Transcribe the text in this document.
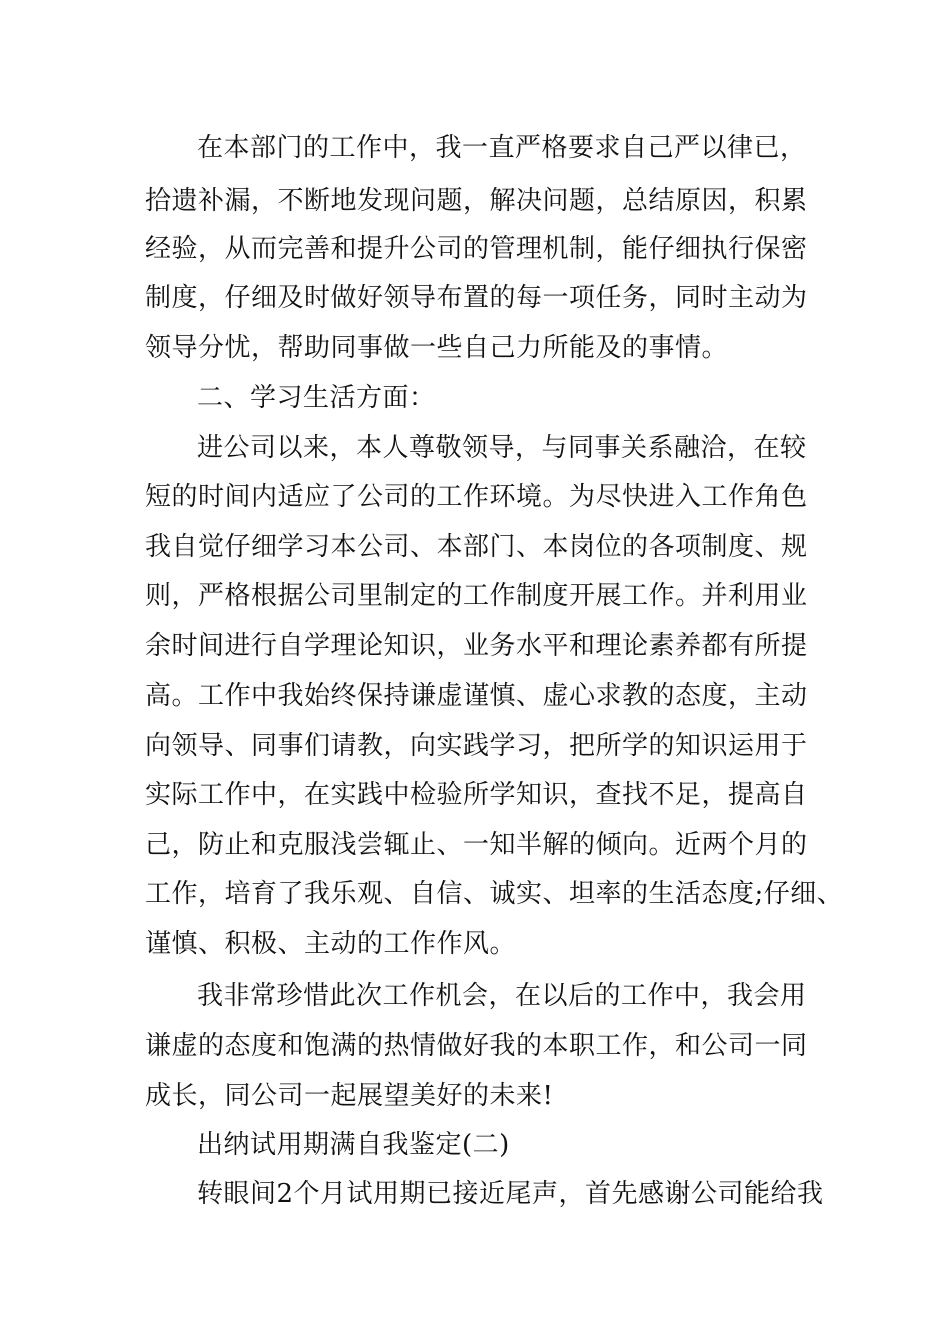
在本部门的工作中，我一直严格要求自己严以律已，
拾遗补漏，不断地发现问题，解决问题，总结原因，积累
经验，从而完善和提升公司的管理机制，能仔细执行保密
制度，仔细及时做好领导布置的每一项任务，同时主动为
领导分忧，帮助同事做一些自己力所能及的事情。
二、学习生活方面：
进公司以来，本人尊敬领导，与同事关系融洽，在较
短的时间内适应了公司的工作环境。为尽快进入工作角色
我自觉仔细学习本公司、本部门、本岗位的各项制度、规
则，严格根据公司里制定的工作制度开展工作。并利用业
余时间进行自学理论知识，业务水平和理论素养都有所提
高。工作中我始终保持谦虚谨慎、虚心求教的态度，主动
向领导、同事们请教，向实践学习，把所学的知识运用于
实际工作中，在实践中检验所学知识，查找不足，提高自
己，防止和克服浅尝辄止、一知半解的倾向。近两个月的
工作，培育了我乐观、自信、诚实、坦率的生活态度;仔细、
谨慎、积极、主动的工作作风。
我非常珍惜此次工作机会，在以后的工作中，我会用
谦虚的态度和饱满的热情做好我的本职工作，和公司一同
成长，同公司一起展望美好的未来!
出纳试用期满自我鉴定(二)
转眼间2个月试用期已接近尾声，首先感谢公司能给我
